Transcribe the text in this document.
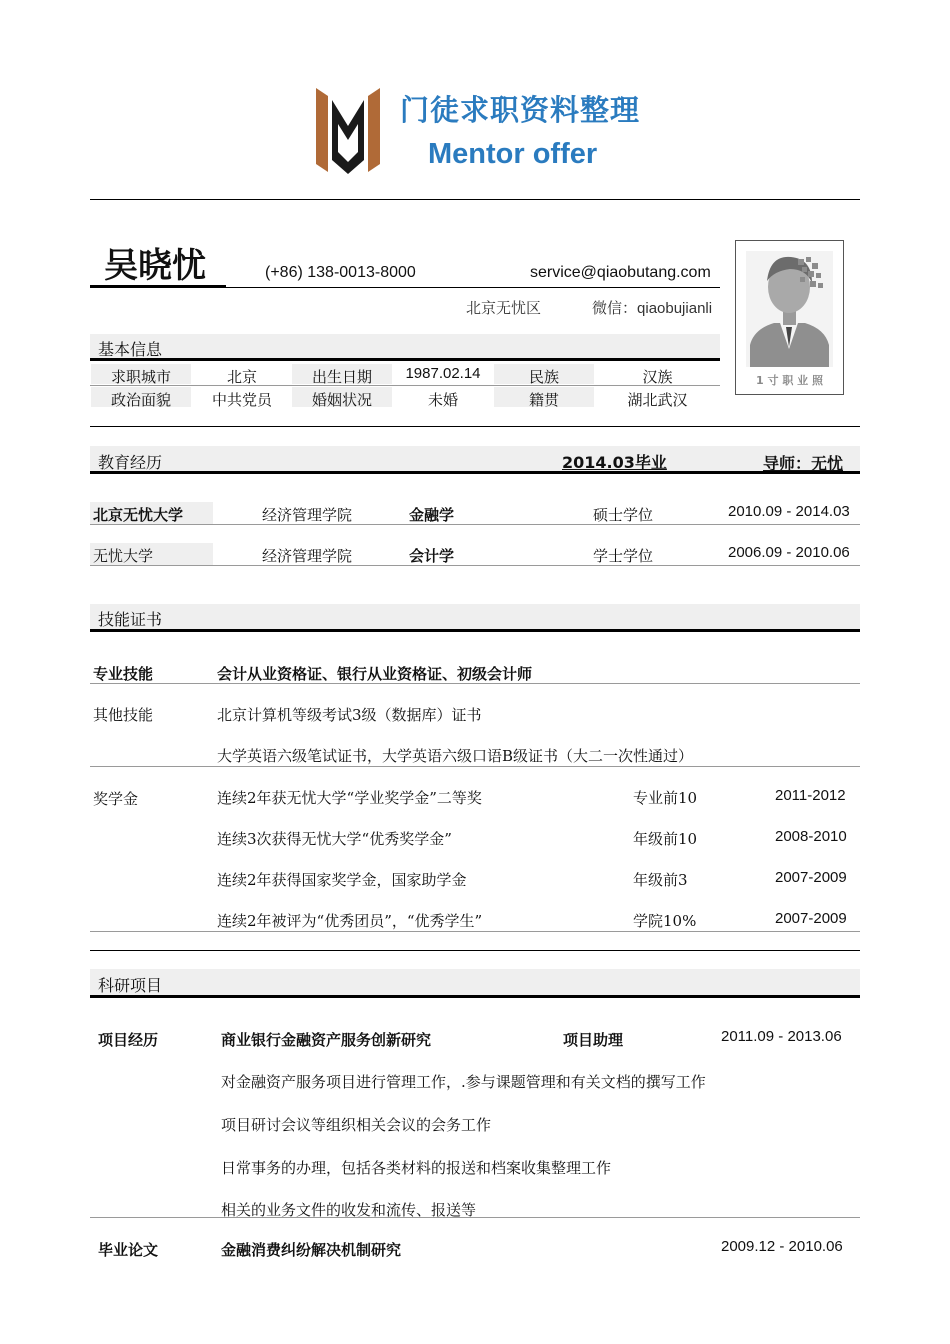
门徒求职资料整理
Mentor offer
吴晓忧	(+86) 138-0013-8000	service@qiaobutang.com
北京无忧区	微信：qiaobujianli
1 寸 职 业 照
基本信息
求职城市	北京	出生日期	1987.02.14	民族	汉族
政治面貌	中共党员	婚姻状况	未婚	籍贯	湖北武汉
教育经历	2014.03毕业	导师：无忧
北京无忧大学	经济管理学院	金融学	硕士学位	2010.09 - 2014.03
无忧大学	经济管理学院	会计学	学士学位	2006.09 - 2010.06
技能证书
专业技能	会计从业资格证、银行从业资格证、初级会计师
其他技能	北京计算机等级考试3级（数据库）证书
大学英语六级笔试证书，大学英语六级口语B级证书（大二一次性通过）
奖学金	连续2年获无忧大学“学业奖学金”二等奖	专业前10	2011-2012
连续3次获得无忧大学“优秀奖学金”	年级前10	2008-2010
连续2年获得国家奖学金，国家助学金	年级前3	2007-2009
连续2年被评为“优秀团员”，“优秀学生”	学院10%	2007-2009
科研项目
项目经历	商业银行金融资产服务创新研究	项目助理	2011.09 - 2013.06
对金融资产服务项目进行管理工作，.参与课题管理和有关文档的撰写工作
项目研讨会议等组织相关会议的会务工作
日常事务的办理，包括各类材料的报送和档案收集整理工作
相关的业务文件的收发和流传、报送等
毕业论文	金融消费纠纷解决机制研究	2009.12 - 2010.06
